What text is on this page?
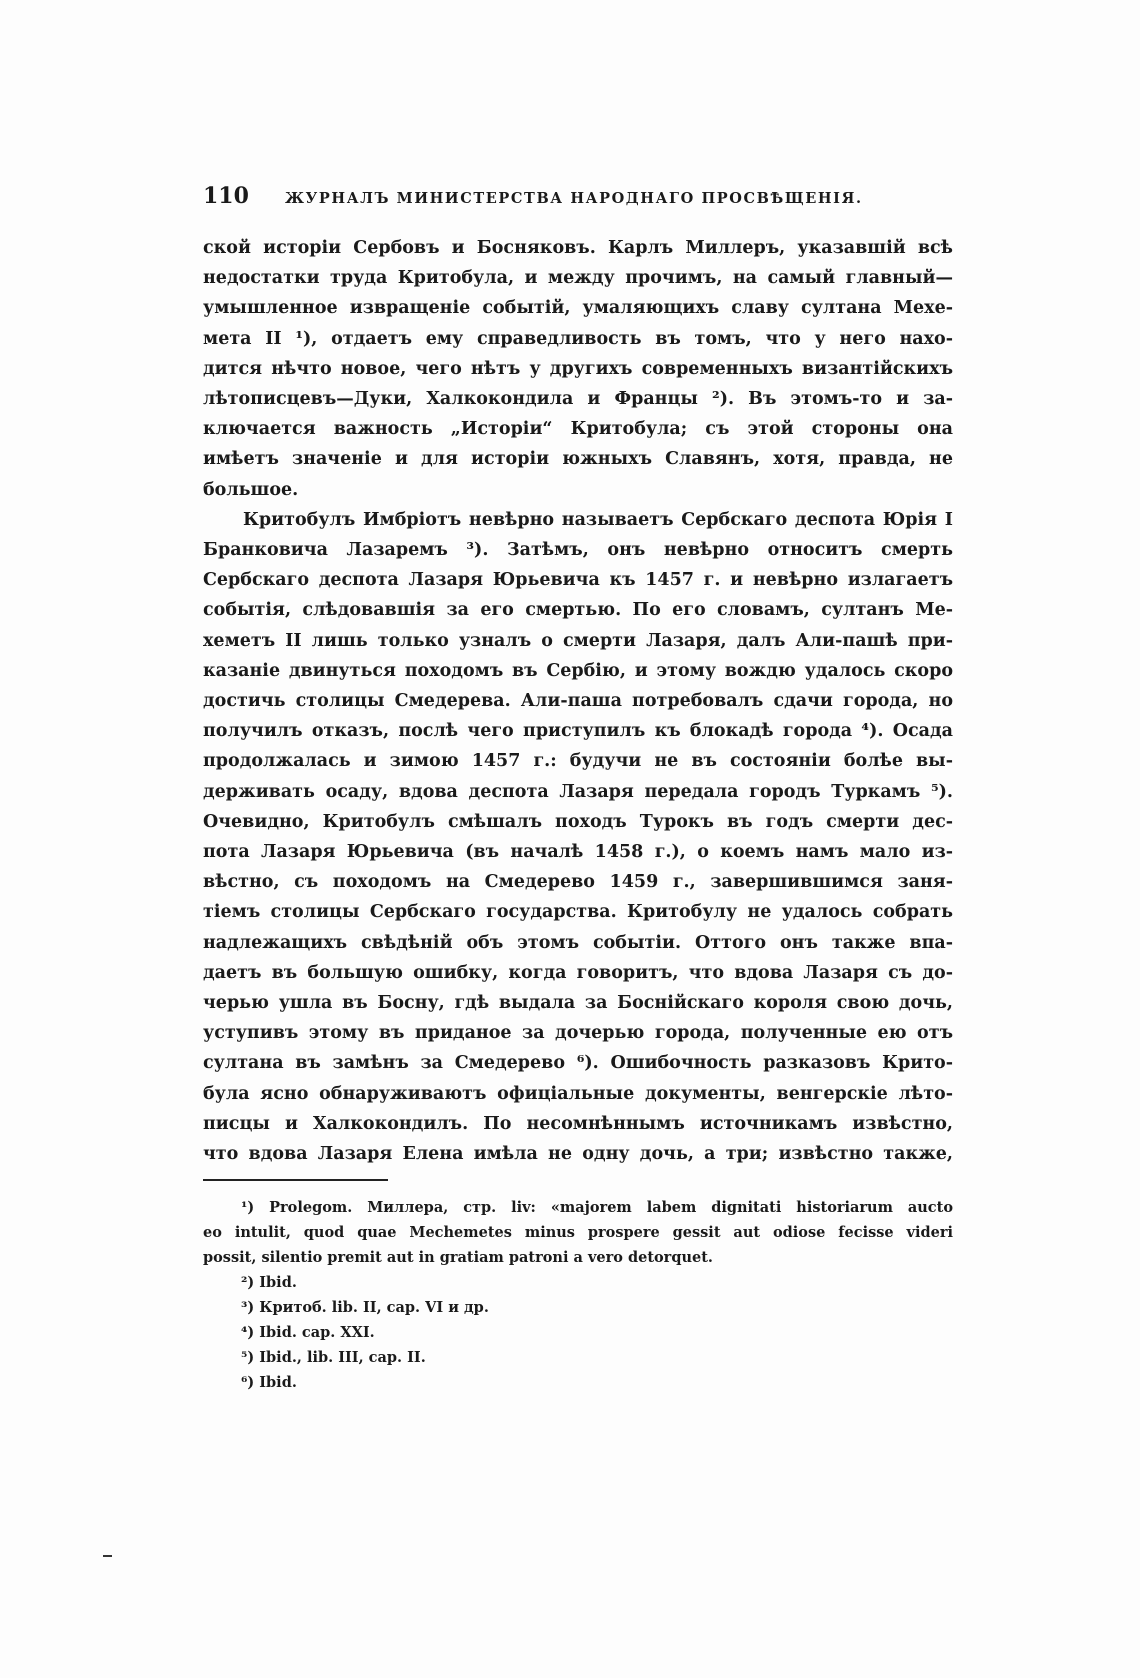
110 ЖУРНАЛЪ МИНИСТЕРСТВА НАРОДНАГО ПРОСВѢЩЕНІЯ.

ской исторіи Сербовъ и Босняковъ. Карлъ Миллеръ, указавшій всѣ
недостатки труда Критобула, и между прочимъ, на самый главный—
умышленное извращеніе событій, умаляющихъ славу султана Мехе-
мета II ¹), отдаетъ ему справедливость въ томъ, что у него нахо-
дится нѣчто новое, чего нѣтъ у другихъ современныхъ византійскихъ
лѣтописцевъ—Дуки, Халкокондила и Францы ²). Въ этомъ-то и за-
ключается важность „Исторіи“ Критобула; съ этой стороны она
имѣетъ значеніе и для исторіи южныхъ Славянъ, хотя, правда, не
большое.

Критобулъ Имбріотъ невѣрно называетъ Сербскаго деспота Юрія I
Бранковича Лазаремъ ³). Затѣмъ, онъ невѣрно относитъ смерть
Сербскаго деспота Лазаря Юрьевича къ 1457 г. и невѣрно излагаетъ
событія, слѣдовавшія за его смертью. По его словамъ, султанъ Ме-
хеметъ II лишь только узналъ о смерти Лазаря, далъ Али-пашѣ при-
казаніе двинуться походомъ въ Сербію, и этому вождю удалось скоро
достичь столицы Смедерева. Али-паша потребовалъ сдачи города, но
получилъ отказъ, послѣ чего приступилъ къ блокадѣ города ⁴). Осада
продолжалась и зимою 1457 г.: будучи не въ состояніи болѣе вы-
держивать осаду, вдова деспота Лазаря передала городъ Туркамъ ⁵).
Очевидно, Критобулъ смѣшалъ походъ Турокъ въ годъ смерти дес-
пота Лазаря Юрьевича (въ началѣ 1458 г.), о коемъ намъ мало из-
вѣстно, съ походомъ на Смедерево 1459 г., завершившимся заня-
тіемъ столицы Сербскаго государства. Критобулу не удалось собрать
надлежащихъ свѣдѣній объ этомъ событіи. Оттого онъ также впа-
даетъ въ большую ошибку, когда говоритъ, что вдова Лазаря съ до-
черью ушла въ Босну, гдѣ выдала за Боснійскаго короля свою дочь,
уступивъ этому въ приданое за дочерью города, полученные ею отъ
султана въ замѣнъ за Смедерево ⁶). Ошибочность разказовъ Крито-
була ясно обнаруживаютъ офиціальные документы, венгерскіе лѣто-
писцы и Халкокондилъ. По несомнѣннымъ источникамъ извѣстно,
что вдова Лазаря Елена имѣла не одну дочь, а три; извѣстно также,

¹) Prolegom. Миллера, стр. liv: «majorem labem dignitati historiarum aucto
eo intulit, quod quae Mechemetes minus prospere gessit aut odiose fecisse videri
possit, silentio premit aut in gratiam patroni a vero detorquet.
²) Ibid.
³) Критоб. lib. II, cap. VI и др.
⁴) Ibid. cap. XXI.
⁵) Ibid., lib. III, cap. II.
⁶) Ibid.
